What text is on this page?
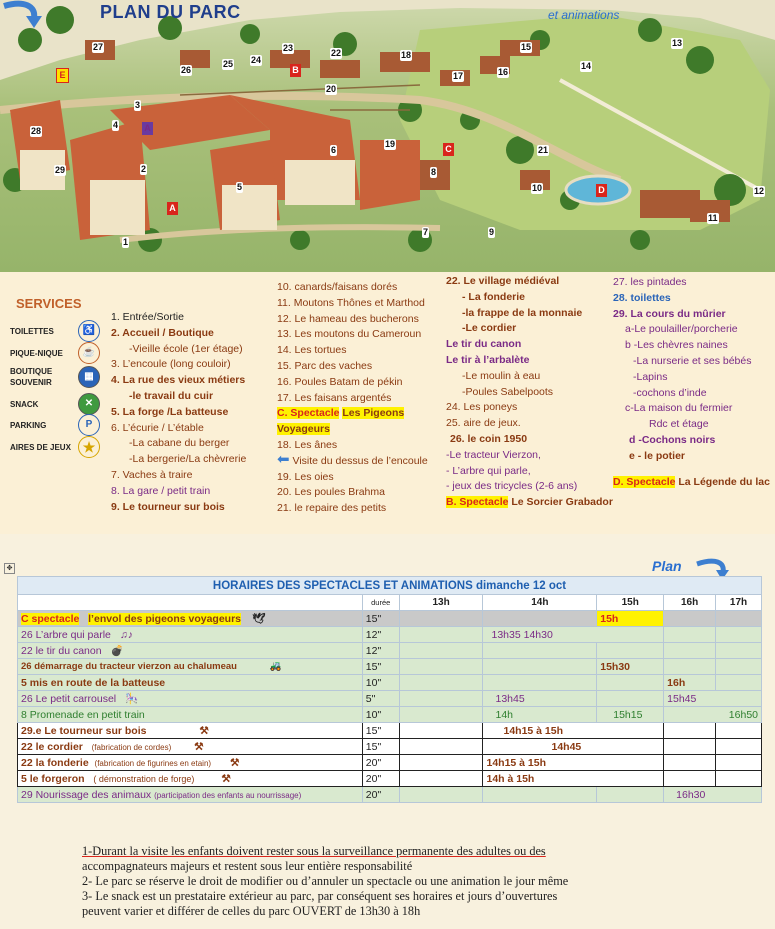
PLAN DU PARC	et animations
1
2
3
4
5
6
7
8
9
10
11
12
13
14
15
16
17
18
19
20
21
22
23
24
25
26
27
28
29
A
A
B
C
D
E
SERVICES
TOILETTES	♿
PIQUE-NIQUE	☕
BOUTIQUE SOUVENIR
▦
SNACK	✕
PARKING	P
AIRES DE JEUX ★
1. Entrée/Sortie
2. Accueil / Boutique
-Vieille école (1er étage)
3. L’encoule (long couloir)
4. La rue des vieux métiers
-le travail du cuir
5. La forge /La batteuse
6. L’écurie / L’étable
-La cabane du berger
-La bergerie/La chèvrerie
7. Vaches à traire
8. La gare / petit train
9. Le tourneur sur bois
10. canards/faisans dorés
11. Moutons Thônes et Marthod
12. Le hameau des bucherons
13. Les moutons du Cameroun
14. Les tortues
15. Parc des vaches
16. Poules Batam de pékin
17. Les faisans argentés
C. Spectacle Les Pigeons
Voyageurs
18. Les ânes
⬅ Visite du dessus de l’encoule
19. Les oies
20. Les poules Brahma
21. le repaire des petits
22. Le village médiéval
- La fonderie
-la frappe de la monnaie
-Le cordier
Le tir du canon
Le tir à l’arbalète
-Le moulin à eau
-Poules Sabelpoots
24. Les poneys
25. aire de jeux.
26. le coin 1950
-Le tracteur Vierzon,
- L’arbre qui parle,
- jeux des tricycles (2-6 ans)
B. Spectacle Le Sorcier Grabador
27. les pintades
28. toilettes
29. La cours du mûrier
a-Le poulailler/porcherie
b -Les chèvres naines
-La nurserie et ses bébés
-Lapins
-cochons d’inde
c-La maison du fermier
Rdc et étage
d -Cochons noirs
e - le potier
D. Spectacle La Légende du lac
✥	Plan
HORAIRES DES SPECTACLES ET ANIMATIONS dimanche 12 oct						
	durée	13h	14h	15h	16h	17h
C spectacle l’envol des pigeons voyageurs 🕊	15"			15h		
26 L’arbre qui parle ♫♪	12"		13h35 14h30			
22 le tir du canon 💣	12"					
26 démarrage du tracteur vierzon au chalumeau 🚜	15"			15h30		
5 mis en route de la batteuse	10"				16h	
26 Le petit carrousel 🎠	5"		13h45		15h45	
8 Promenade en petit train	10"		14h	15h15	16h50	
29.e Le tourneur sur bois ⚒	15"		14h15 à 15h			
22 le cordier (fabrication de cordes) ⚒	15"		14h45			
22 la fonderie (fabrication de figurines en etain) ⚒	20"		14h15 à 15h			
5 le forgeron ( démonstration de forge) ⚒	20"		14h à 15h			
29 Nourissage des animaux (participation des enfants au nourrissage)	20"				16h30	
1-Durant la visite les enfants doivent rester sous la surveillance permanente des adultes ou des
accompagnateurs majeurs et restent sous leur entière responsabilité
2- Le parc se réserve le droit de modifier ou d’annuler un spectacle ou une animation le jour même
3- Le snack est un prestataire extérieur au parc, par conséquent ses horaires et jours d’ouvertures
peuvent varier et différer de celles du parc OUVERT de 13h30 à 18h
